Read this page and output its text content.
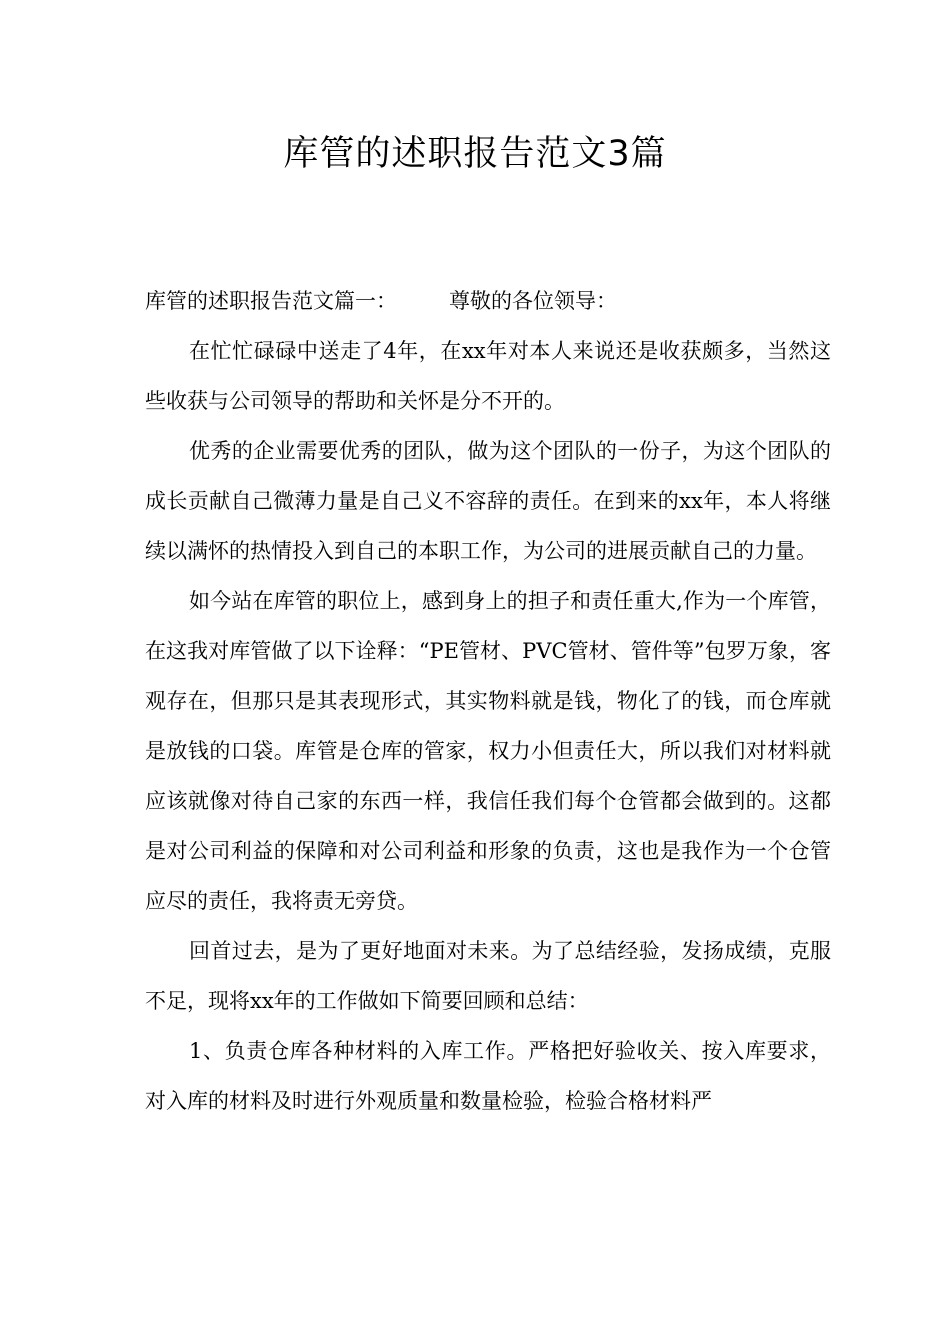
库管的述职报告范文3篇

库管的述职报告范文篇一： 尊敬的各位领导：

在忙忙碌碌中送走了4年，在xx年对本人来说还是收获颇多，当然这些收获与公司领导的帮助和关怀是分不开的。

优秀的企业需要优秀的团队，做为这个团队的一份子，为这个团队的成长贡献自己微薄力量是自己义不容辞的责任。在到来的xx年，本人将继续以满怀的热情投入到自己的本职工作，为公司的进展贡献自己的力量。

如今站在库管的职位上，感到身上的担子和责任重大,作为一个库管，在这我对库管做了以下诠释：“PE管材、PVC管材、管件等”包罗万象，客观存在，但那只是其表现形式，其实物料就是钱，物化了的钱，而仓库就是放钱的口袋。库管是仓库的管家，权力小但责任大，所以我们对材料就应该就像对待自己家的东西一样，我信任我们每个仓管都会做到的。这都是对公司利益的保障和对公司利益和形象的负责，这也是我作为一个仓管应尽的责任，我将责无旁贷。

回首过去，是为了更好地面对未来。为了总结经验，发扬成绩，克服不足，现将xx年的工作做如下简要回顾和总结：

1、负责仓库各种材料的入库工作。严格把好验收关、按入库要求，对入库的材料及时进行外观质量和数量检验，检验合格材料严
